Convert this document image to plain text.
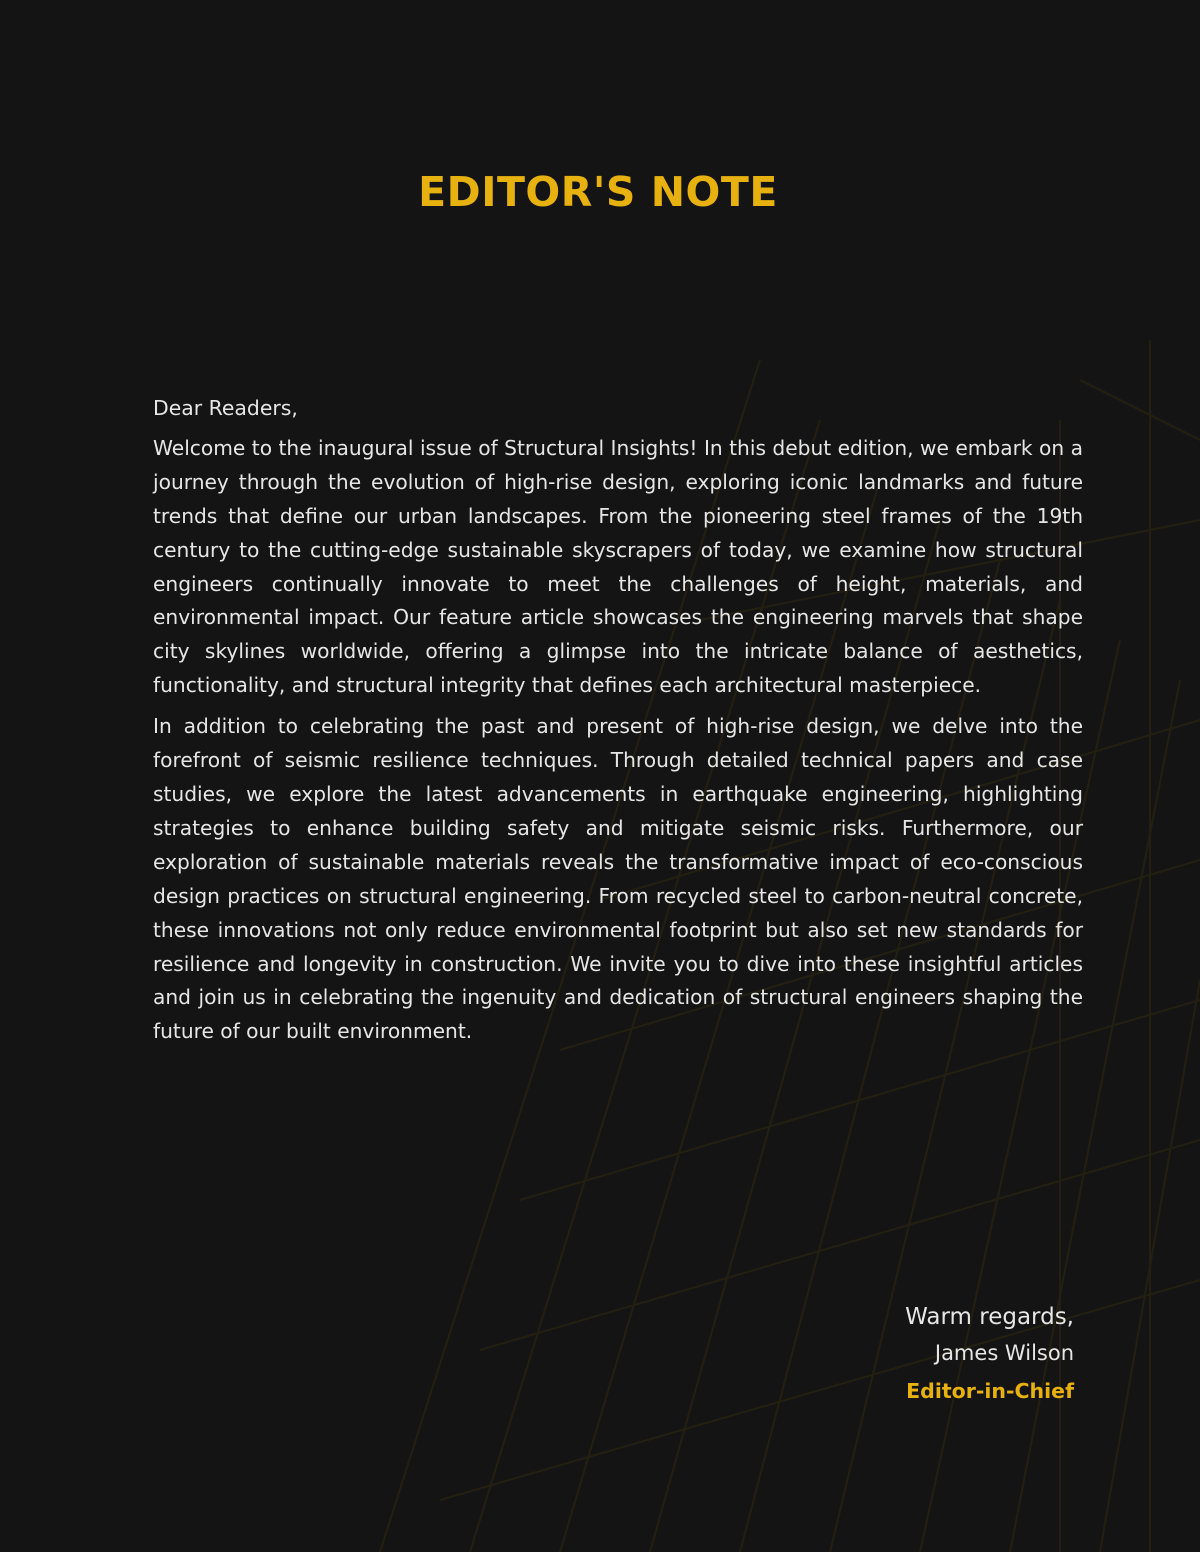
EDITOR'S NOTE

Dear Readers,

Welcome to the inaugural issue of Structural Insights! In this debut edition, we embark on a journey through the evolution of high-rise design, exploring iconic landmarks and future trends that define our urban landscapes. From the pioneering steel frames of the 19th century to the cutting-edge sustainable skyscrapers of today, we examine how structural engineers continually innovate to meet the challenges of height, materials, and environmental impact. Our feature article showcases the engineering marvels that shape city skylines worldwide, offering a glimpse into the intricate balance of aesthetics, functionality, and structural integrity that defines each architectural masterpiece.

In addition to celebrating the past and present of high-rise design, we delve into the forefront of seismic resilience techniques. Through detailed technical papers and case studies, we explore the latest advancements in earthquake engineering, highlighting strategies to enhance building safety and mitigate seismic risks. Furthermore, our exploration of sustainable materials reveals the transformative impact of eco-conscious design practices on structural engineering. From recycled steel to carbon-neutral concrete, these innovations not only reduce environmental footprint but also set new standards for resilience and longevity in construction. We invite you to dive into these insightful articles and join us in celebrating the ingenuity and dedication of structural engineers shaping the future of our built environment.

Warm regards,

James Wilson

Editor-in-Chief
